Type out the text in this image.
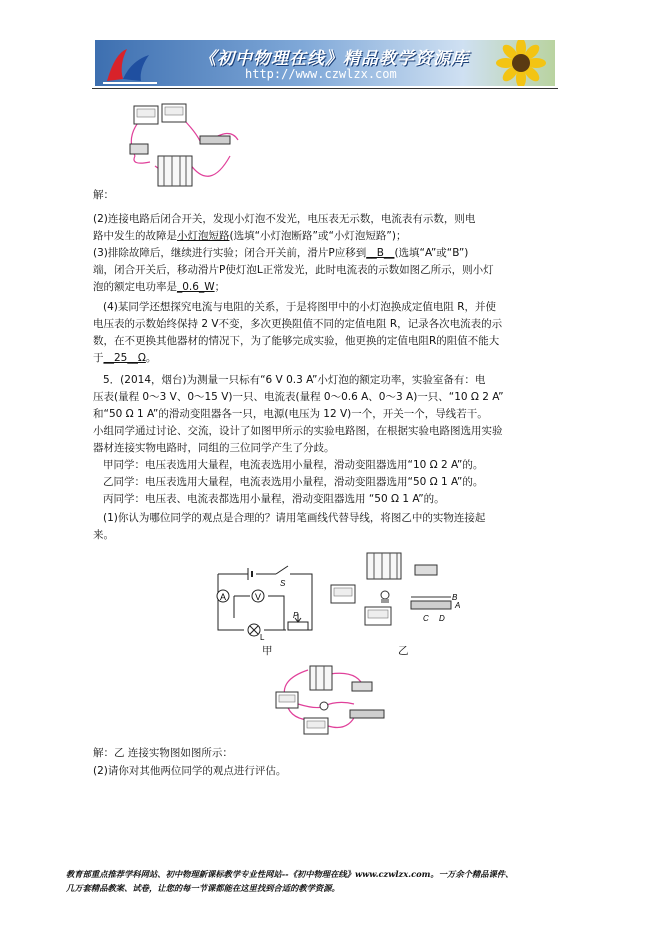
《初中物理在线》精品教学资源库
http://www.czwlzx.com
解：
(2)连接电路后闭合开关，发现小灯泡不发光，电压表无示数，电流表有示数，则电
路中发生的故障是小灯泡短路(选填“小灯泡断路”或“小灯泡短路”)；
(3)排除故障后，继续进行实验；闭合开关前，滑片P应移到__B__(选填“A”或“B”)
端，闭合开关后，移动滑片P使灯泡L正常发光，此时电流表的示数如图乙所示，则小灯
泡的额定电功率是_0.6_W；
(4)某同学还想探究电流与电阻的关系，于是将图甲中的小灯泡换成定值电阻 R，并使
电压表的示数始终保持 2 V不变，多次更换阻值不同的定值电阻 R，记录各次电流表的示
数，在不更换其他器材的情况下，为了能够完成实验，他更换的定值电阻R的阻值不能大
于__25__Ω。
5．(2014，烟台)为测量一只标有“6 V 0.3 A”小灯泡的额定功率，实验室备有：电
压表(量程 0～3 V、0～15 V)一只、电流表(量程 0～0.6 A、0～3 A)一只、“10 Ω 2 A”
和“50 Ω 1 A”的滑动变阻器各一只，电源(电压为 12 V)一个，开关一个，导线若干。
小组同学通过讨论、交流，设计了如图甲所示的实验电路图，在根据实验电路图选用实验
器材连接实物电路时，同组的三位同学产生了分歧。
甲同学：电压表选用大量程，电流表选用小量程，滑动变阻器选用“10 Ω 2 A”的。
乙同学：电压表选用大量程，电流表选用小量程，滑动变阻器选用“50 Ω 1 A”的。
丙同学：电压表、电流表都选用小量程，滑动变阻器选用 “50 Ω 1 A”的。
(1)你认为哪位同学的观点是合理的？请用笔画线代替导线，将图乙中的实物连接起
来。
A	V
L
S
P
甲
B
A
C D
乙
解：乙 连接实物图如图所示：
(2)请你对其他两位同学的观点进行评估。
教育部重点推荐学科网站、初中物理新课标教学专业性网站--《初中物理在线》www.czwlzx.com。一万余个精品课件、
几万套精品教案、试卷，让您的每一节课都能在这里找到合适的教学资源。
